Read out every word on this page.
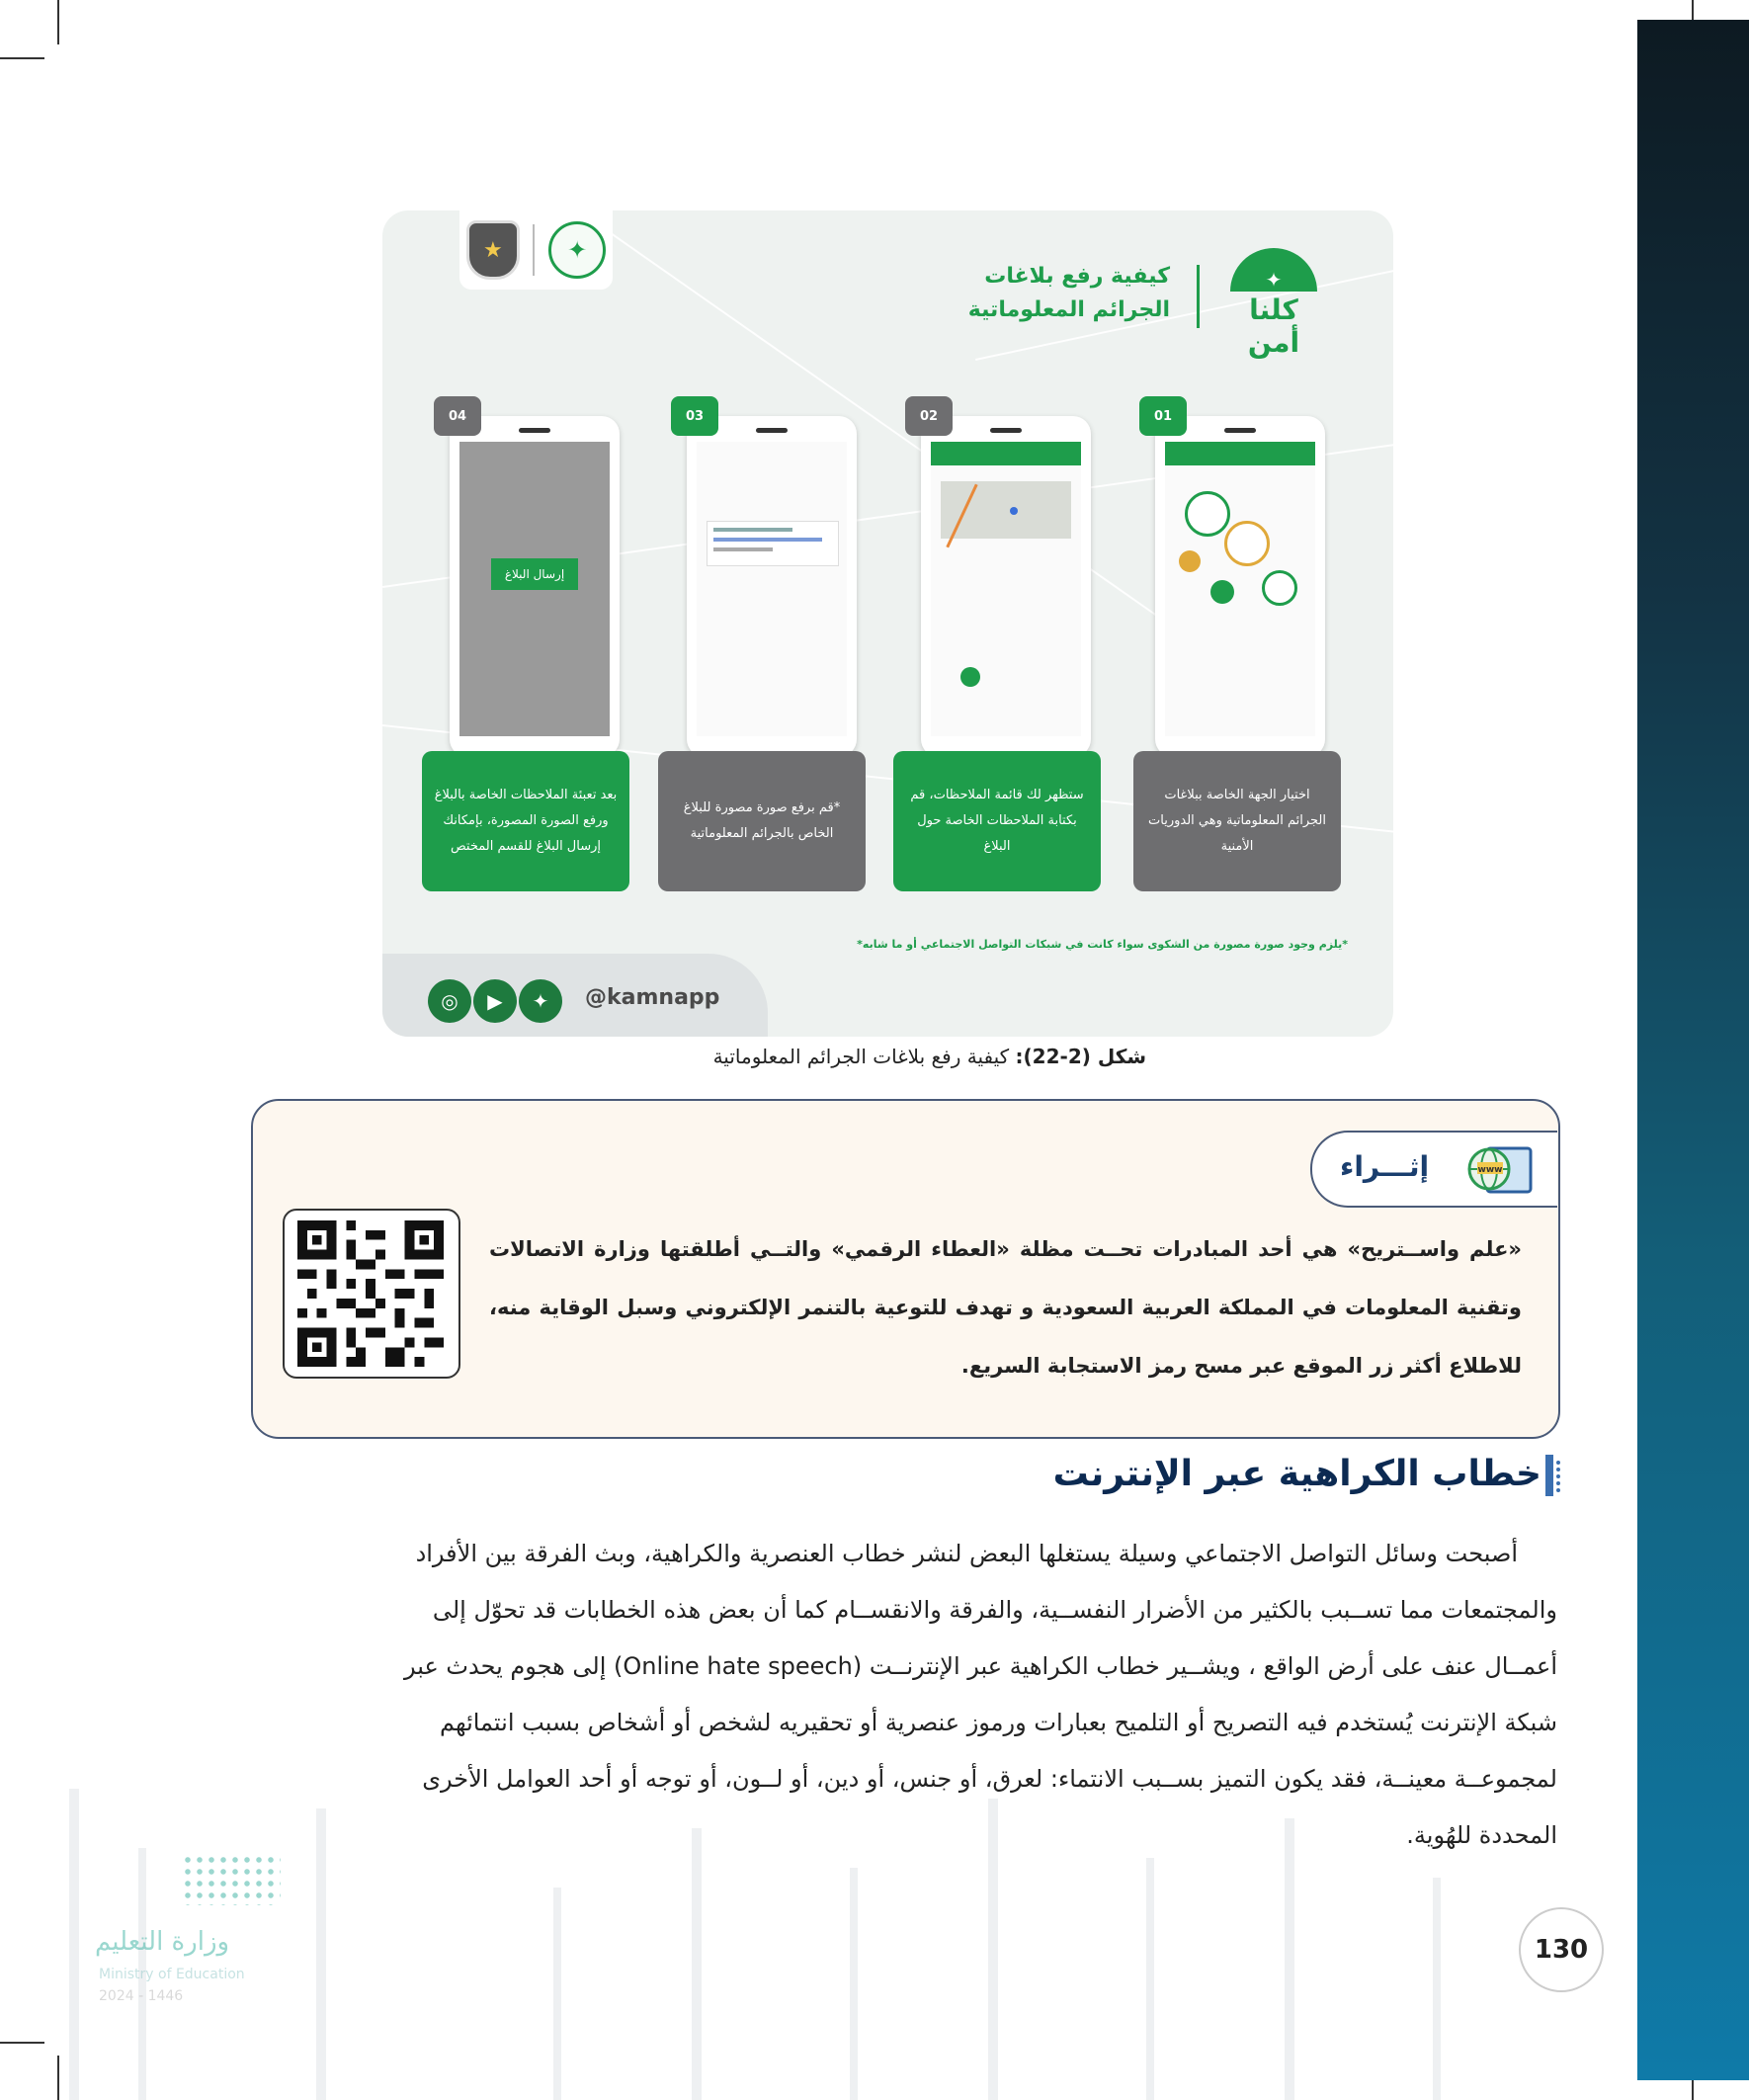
★	✦
كيفية رفع بلاغات
الجرائم المعلوماتية
✦
كلنا أمن
04	03	02	01
إرسال البلاغ
بعد تعبئة الملاحظات الخاصة بالبلاغ ورفع الصورة المصورة، بإمكانك إرسال البلاغ للقسم المختص
*قم برفع صورة مصورة للبلاغ الخاص بالجرائم المعلوماتية
ستظهر لك قائمة الملاحظات، قم بكتابة الملاحظات الخاصة حول البلاغ
اختيار الجهة الخاصة ببلاغات الجرائم المعلوماتية وهي الدوريات الأمنية
*يلزم وجود صورة مصورة من الشكوى سواء كانت في شبكات التواصل الاجتماعي أو ما شابه*
◎	▶	✦	@kamnapp
شكل (2-22): كيفية رفع بلاغات الجرائم المعلوماتية
إثـــراء	www
«علم واســتريح» هي أحد المبادرات تحــت مظلة «العطاء الرقمي» والتــي أطلقتها وزارة الاتصالات وتقنية المعلومات في المملكة العربية السعودية و تهدف للتوعية بالتنمر الإلكتروني وسبل الوقاية منه، للاطلاع أكثر زر الموقع عبر مسح رمز الاستجابة السريع.
خطاب الكراهية عبر الإنترنت
أصبحت وسائل التواصل الاجتماعي وسيلة يستغلها البعض لنشر خطاب العنصرية والكراهية، وبث الفرقة بين الأفراد
والمجتمعات مما تســبب بالكثير من الأضرار النفســية، والفرقة والانقســام كما أن بعض هذه الخطابات قد تحوّل إلى
أعمــال عنف على أرض الواقع ، ويشــير خطاب الكراهية عبر الإنترنــت (Online hate speech) إلى هجوم يحدث عبر
شبكة الإنترنت يُستخدم فيه التصريح أو التلميح بعبارات ورموز عنصرية أو تحقيريه لشخص أو أشخاص بسبب انتمائهم
لمجموعــة معينــة، فقد يكون التميز بســبب الانتماء: لعرق، أو جنس، أو دين، أو لــون، أو توجه أو أحد العوامل الأخرى
المحددة للهُوية.
وزارة التعليم
Ministry of Education
2024 - 1446
130
